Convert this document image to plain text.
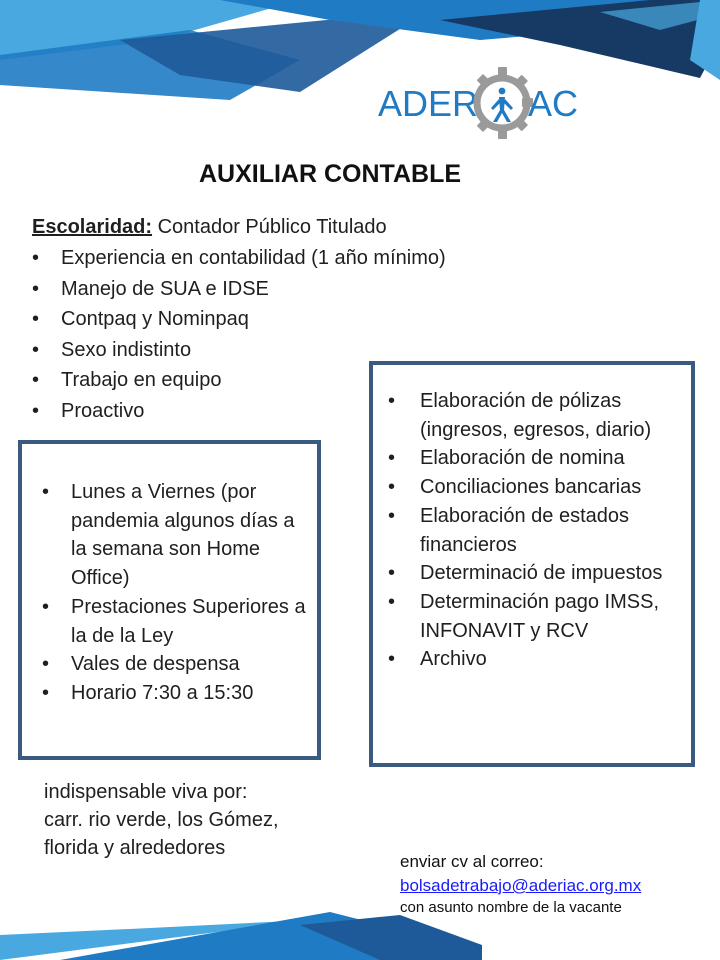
ADER AC
AUXILIAR CONTABLE
Escolaridad: Contador Público Titulado
• Experiencia en contabilidad (1 año mínimo)
• Manejo de SUA e IDSE
• Contpaq y Nominpaq
• Sexo indistinto
• Trabajo en equipo
• Proactivo
• Lunes a Viernes (por pandemia algunos días a la semana son Home Office)
• Prestaciones Superiores a la de la Ley
• Vales de despensa
• Horario 7:30 a 15:30
• Elaboración de pólizas (ingresos, egresos, diario)
• Elaboración de nomina
• Conciliaciones bancarias
• Elaboración de estados financieros
• Determinació de impuestos
• Determinación pago IMSS, INFONAVIT y RCV
• Archivo
indispensable viva por:
carr. rio verde, los Gómez,
florida y alrededores
enviar cv al correo:
bolsadetrabajo@aderiac.org.mx
con asunto nombre de la vacante
